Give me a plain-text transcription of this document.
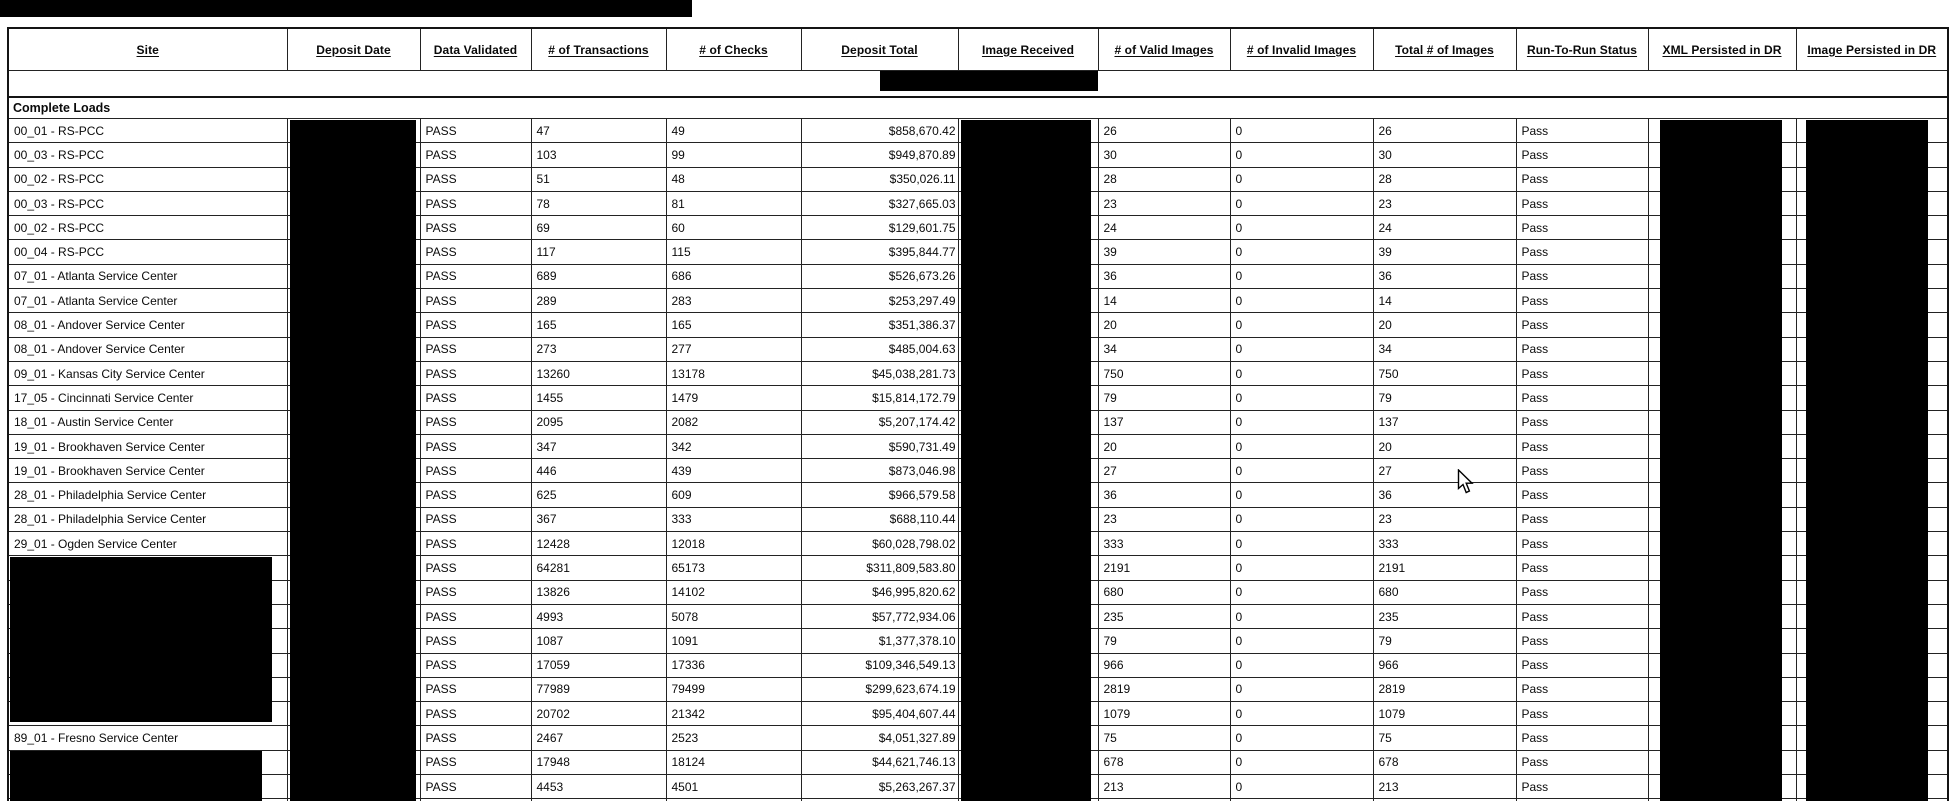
Site	Deposit Date	Data Validated	# of Transactions	# of Checks	Deposit Total	Image Received	# of Valid Images	# of Invalid Images	Total # of Images	Run-To-Run Status	XML Persisted in DR	Image Persisted in DR

Complete Loads												
00_01 - RS-PCC		PASS	47	49	$858,670.42		26	0	26	Pass		
00_03 - RS-PCC		PASS	103	99	$949,870.89		30	0	30	Pass		
00_02 - RS-PCC		PASS	51	48	$350,026.11		28	0	28	Pass		
00_03 - RS-PCC		PASS	78	81	$327,665.03		23	0	23	Pass		
00_02 - RS-PCC		PASS	69	60	$129,601.75		24	0	24	Pass		
00_04 - RS-PCC		PASS	117	115	$395,844.77		39	0	39	Pass		
07_01 - Atlanta Service Center		PASS	689	686	$526,673.26		36	0	36	Pass		
07_01 - Atlanta Service Center		PASS	289	283	$253,297.49		14	0	14	Pass		
08_01 - Andover Service Center		PASS	165	165	$351,386.37		20	0	20	Pass		
08_01 - Andover Service Center		PASS	273	277	$485,004.63		34	0	34	Pass		
09_01 - Kansas City Service Center		PASS	13260	13178	$45,038,281.73		750	0	750	Pass		
17_05 - Cincinnati Service Center		PASS	1455	1479	$15,814,172.79		79	0	79	Pass		
18_01 - Austin Service Center		PASS	2095	2082	$5,207,174.42		137	0	137	Pass		
19_01 - Brookhaven Service Center		PASS	347	342	$590,731.49		20	0	20	Pass		
19_01 - Brookhaven Service Center		PASS	446	439	$873,046.98		27	0	27	Pass		
28_01 - Philadelphia Service Center		PASS	625	609	$966,579.58		36	0	36	Pass		
28_01 - Philadelphia Service Center		PASS	367	333	$688,110.44		23	0	23	Pass		
29_01 - Ogden Service Center		PASS	12428	12018	$60,028,798.02		333	0	333	Pass		
		PASS	64281	65173	$311,809,583.80		2191	0	2191	Pass		
		PASS	13826	14102	$46,995,820.62		680	0	680	Pass		
		PASS	4993	5078	$57,772,934.06		235	0	235	Pass		
		PASS	1087	1091	$1,377,378.10		79	0	79	Pass		
		PASS	17059	17336	$109,346,549.13		966	0	966	Pass		
		PASS	77989	79499	$299,623,674.19		2819	0	2819	Pass		
		PASS	20702	21342	$95,404,607.44		1079	0	1079	Pass		
89_01 - Fresno Service Center		PASS	2467	2523	$4,051,327.89		75	0	75	Pass		
		PASS	17948	18124	$44,621,746.13		678	0	678	Pass		
		PASS	4453	4501	$5,263,267.37		213	0	213	Pass		
